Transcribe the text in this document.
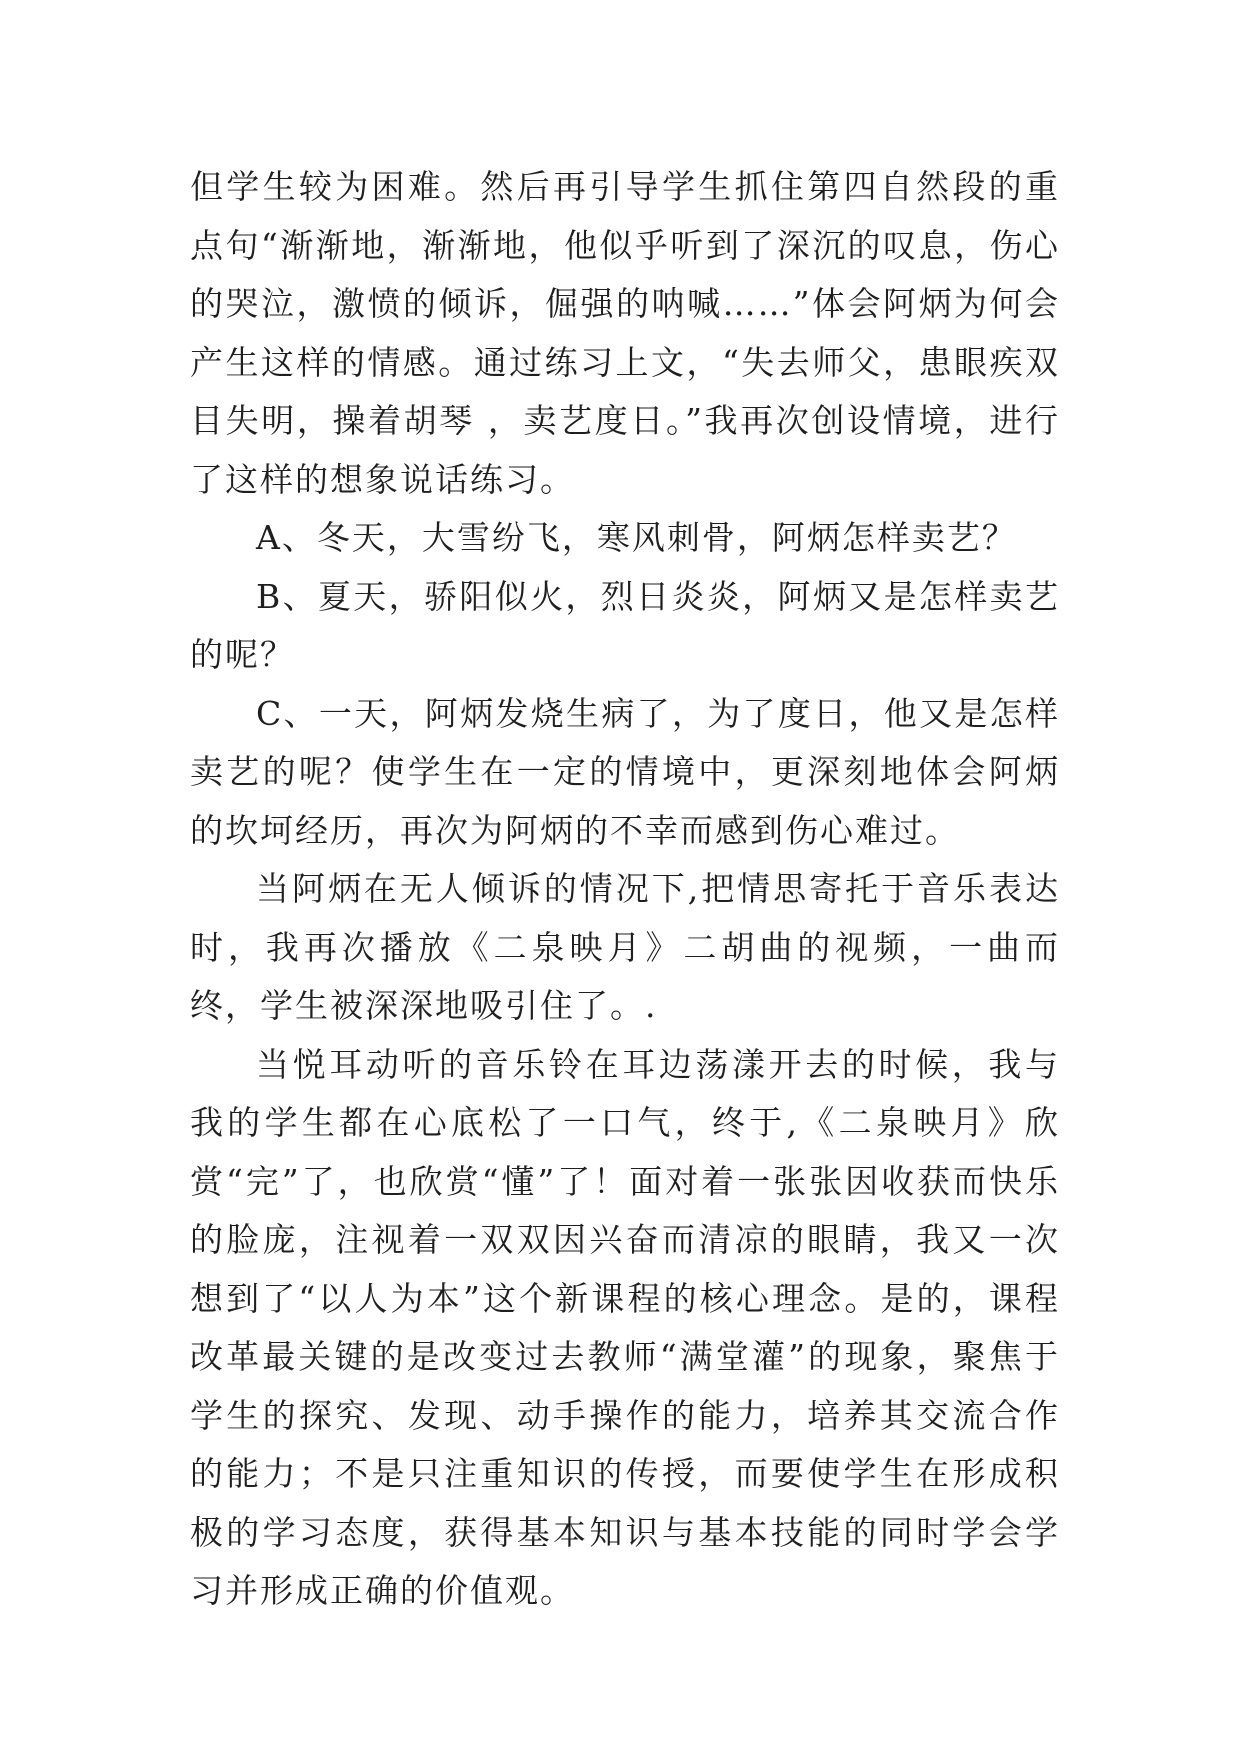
但学生较为困难。然后再引导学生抓住第四自然段的重点句“渐渐地，渐渐地，他似乎听到了深沉的叹息，伤心的哭泣，激愤的倾诉，倔强的呐喊……”体会阿炳为何会产生这样的情感。通过练习上文，“失去师父，患眼疾双目失明，操着胡琴 ，卖艺度日。”我再次创设情境，进行了这样的想象说话练习。

A、冬天，大雪纷飞，寒风刺骨，阿炳怎样卖艺？

B、夏天，骄阳似火，烈日炎炎，阿炳又是怎样卖艺的呢？

C、一天，阿炳发烧生病了，为了度日，他又是怎样卖艺的呢？使学生在一定的情境中，更深刻地体会阿炳的坎坷经历，再次为阿炳的不幸而感到伤心难过。

当阿炳在无人倾诉的情况下,把情思寄托于音乐表达时，我再次播放《二泉映月》二胡曲的视频，一曲而终，学生被深深地吸引住了。.

当悦耳动听的音乐铃在耳边荡漾开去的时候，我与我的学生都在心底松了一口气，终于,《二泉映月》欣赏“完”了，也欣赏“懂”了！面对着一张张因收获而快乐的脸庞，注视着一双双因兴奋而清凉的眼睛，我又一次想到了“以人为本”这个新课程的核心理念。是的，课程改革最关键的是改变过去教师“满堂灌”的现象，聚焦于学生的探究、发现、动手操作的能力，培养其交流合作的能力；不是只注重知识的传授，而要使学生在形成积极的学习态度，获得基本知识与基本技能的同时学会学习并形成正确的价值观。
